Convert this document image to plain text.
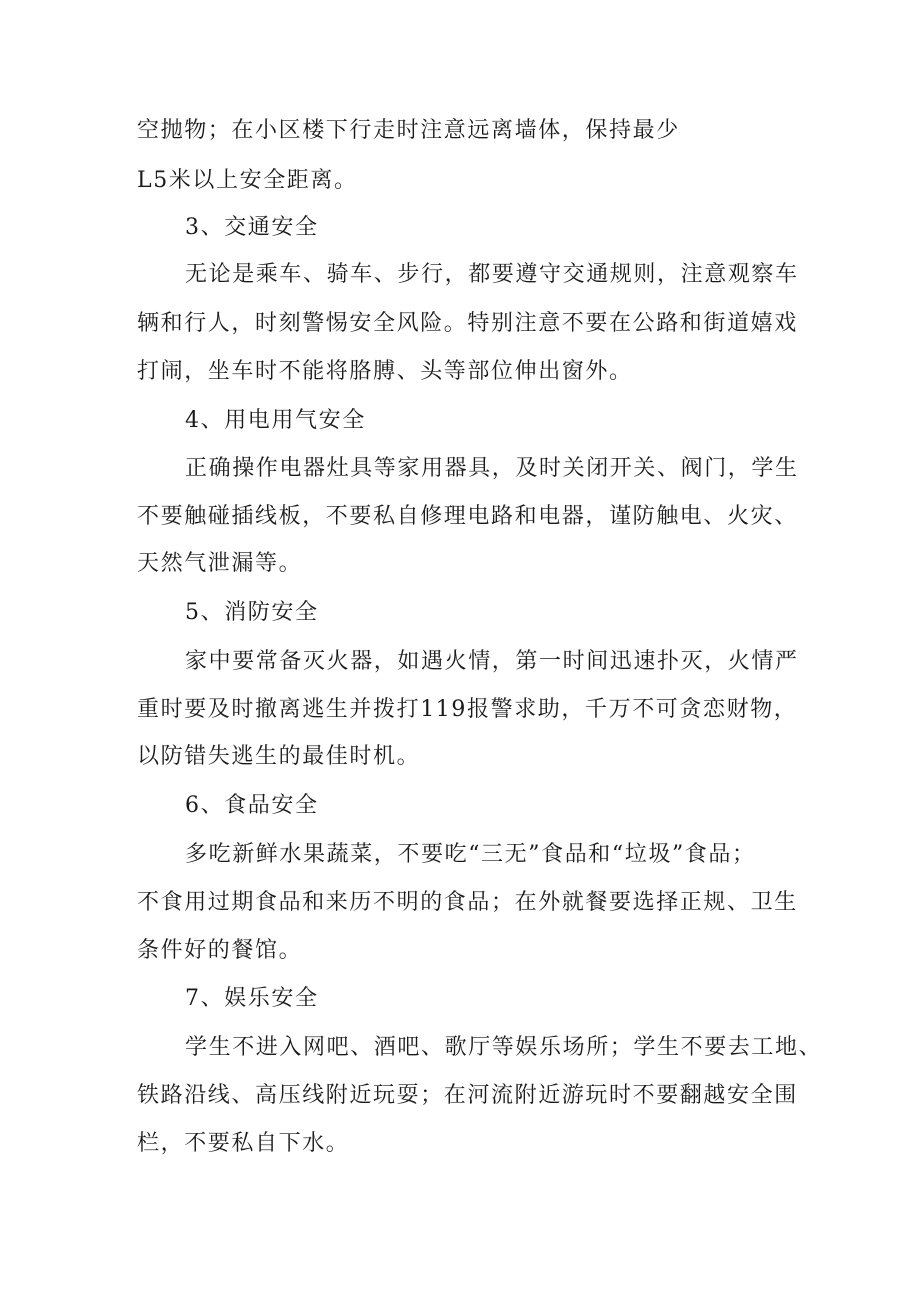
空抛物；在小区楼下行走时注意远离墙体，保持最少
L5米以上安全距离。
3、交通安全
无论是乘车、骑车、步行，都要遵守交通规则，注意观察车
辆和行人，时刻警惕安全风险。特别注意不要在公路和街道嬉戏
打闹，坐车时不能将胳膊、头等部位伸出窗外。
4、用电用气安全
正确操作电器灶具等家用器具，及时关闭开关、阀门，学生
不要触碰插线板，不要私自修理电路和电器，谨防触电、火灾、
天然气泄漏等。
5、消防安全
家中要常备灭火器，如遇火情，第一时间迅速扑灭，火情严
重时要及时撤离逃生并拨打119报警求助，千万不可贪恋财物，
以防错失逃生的最佳时机。
6、食品安全
多吃新鲜水果蔬菜，不要吃“三无”食品和“垃圾”食品；
不食用过期食品和来历不明的食品；在外就餐要选择正规、卫生
条件好的餐馆。
7、娱乐安全
学生不进入网吧、酒吧、歌厅等娱乐场所；学生不要去工地、
铁路沿线、高压线附近玩耍；在河流附近游玩时不要翻越安全围
栏，不要私自下水。
